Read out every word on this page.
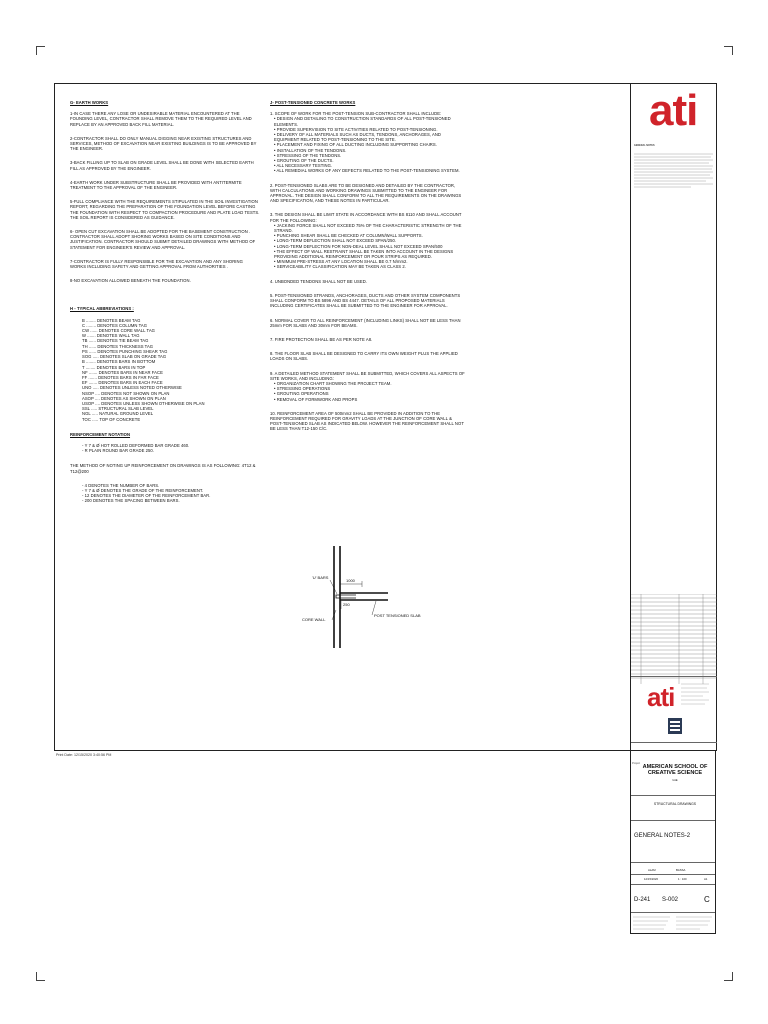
G- EARTH WORKS
1-IN CASE THERE ANY LOSE OR UNDESIRABLE MATERIAL ENCOUNTERED AT THE FOUNDING LEVEL, CONTRACTOR SHALL REMOVE THEM TO THE REQUIRED LEVEL AND REPLACE BY AN APPROVED BACK FILL MATERIAL.
2-CONTRACTOR SHALL DO ONLY MANUAL DIGGING NEAR EXISTING STRUCTURES AND SERVICES, METHOD OF EXCAVATION NEAR EXISTING BUILDINGS IS TO BE APPROVED BY THE ENGINEER.
3-BACK FILLING UP TO SLAB ON GRADE LEVEL SHALL BE DONE WITH SELECTED EARTH FILL AS APPROVED BY THE ENGINEER.
4-EARTH WORK UNDER SUBSTRUCTURE SHALL BE PROVIDED WITH ANTITERMITE TREATMENT TO THE APPROVAL OF THE ENGINEER.
5-FULL COMPLIANCE WITH THE REQUIREMENTS STIPULATED IN THE SOIL INVESTIGATION REPORT, REGARDING THE PREPARATION OF THE FOUNDATION LEVEL BEFORE CASTING THE FOUNDATION WITH RESPECT TO COMPACTION PROCEDURE AND PLATE LOAD TESTS. THE SOIL REPORT IS CONSIDERED AS GUIDANCE.
6- OPEN CUT EXCAVATION SHALL BE ADOPTED FOR THE BASEMENT CONSTRUCTION . CONTRACTOR SHALL ADOPT SHORING WORKS BASED ON SITE CONDITIONS AND JUSTIFICATION. CONTRACTOR SHOULD SUBMIT DETAILED DRAWINGS WITH METHOD OF STATEMENT FOR ENGINEER'S REVIEW AND APPROVAL.
7-CONTRACTOR IS FULLY RESPONSIBLE FOR THE EXCAVATION AND ANY SHORING WORKS INCLUDING SAFETY AND GETTING APPROVAL FROM AUTHORITIES .
8-NO EXCAVATION ALLOWED BENEATH THE FOUNDATION.
H - TYPICAL ABBREVIATIONS :
B ........ DENOTES BEAM TAG
C ........ DENOTES COLUMN TAG
CW ...... DENOTES CORE WALL TAG
W ....... DENOTES WALL TAG
TB ...... DENOTES TIE BEAM TAG
TH ...... DENOTES THICKNESS TAG
PS ...... DENOTES PUNCHING SHEAR TAG
SOG ..... DENOTES SLAB ON GRADE TAG
B ........ DENOTES BARS IN BOTTOM
T ........ DENOTES BARS IN TOP
NF ....... DENOTES BARS IN NEAR FACE
FF ....... DENOTES BARS IN FAR FACE
EF ....... DENOTES BARS IN EACH FACE
UNO ..... DENOTES UNLESS NOTED OTHERWISE
NSOP .... DENOTES NOT SHOWN ON PLAN
ASOP .... DENOTES AS SHOWN ON PLAN
USOP .... DENOTES UNLESS SHOWN OTHERWISE ON PLAN
SSL ..... STRUCTURAL SLAB LEVEL
NGL ..... NATURAL GROUND LEVEL
TOC ..... TOP OF CONCRETE
REINFORCEMENT NOTATION
- Y 7 & Ø HOT ROLLED DEFORMED BAR GRADE 460.
- R PLAIN ROUND BAR GRADE 250.
THE METHOD OF NOTING UP REINFORCEMENT ON DRAWINGS IS AS FOLLOWING: 4T12 & T12@200
- 4 DENOTES THE NUMBER OF BARS.
- Y 7 & Ø DENOTES THE GRADE OF THE REINFORCEMENT.
- 12 DENOTES THE DIAMETER OF THE REINFORCEMENT BAR.
- 200 DENOTES THE SPACING BETWEEN BARS.
J- POST-TENSIONED CONCRETE WORKS
1. SCOPE OF WORK FOR THE POST-TENSION SUB-CONTRACTOR SHALL INCLUDE:
• DESIGN AND DETAILING TO CONSTRUCTION STANDARDS OF ALL POST-TENSIONED ELEMENTS.
• PROVIDE SUPERVISION TO SITE ACTIVITIES RELATED TO POST-TENSIONING.
• DELIVERY OF ALL MATERIALS SUCH AS DUCTS, TENDONS, ANCHORAGES, AND EQUIPMENT RELATED TO POST-TENSIONING TO THE SITE.
• PLACEMENT AND FIXING OF ALL DUCTING INCLUDING SUPPORTING CHAIRS.
• INSTALLATION OF THE TENDONS.
• STRESSING OF THE TENDONS.
• GROUTING OF THE DUCTS.
• ALL NECESSARY TESTING.
• ALL REMEDIAL WORKS OF ANY DEFECTS RELATED TO THE POST-TENSIONING SYSTEM.
2. POST-TENSIONED SLABS ARE TO BE DESIGNED AND DETAILED BY THE CONTRACTOR, WITH CALCULATIONS AND WORKING DRAWINGS SUBMITTED TO THE ENGINEER FOR APPROVAL. THE DESIGN SHALL CONFORM TO ALL THE REQUIREMENTS ON THE DRAWINGS AND SPECIFICATION, AND THESE NOTES IN PARTICULAR.
3. THE DESIGN SHALL BE LIMIT STATE IN ACCORDANCE WITH BS 8110 AND SHALL ACCOUNT FOR THE FOLLOWING:
• JACKING FORCE SHALL NOT EXCEED 75% OF THE CHARACTERISTIC STRENGTH OF THE STRAND.
• PUNCHING SHEAR SHALL BE CHECKED AT COLUMN/WALL SUPPORTS.
• LONG-TERM DEFLECTION SHALL NOT EXCEED SPAN/250.
• LONG-TERM DEFLECTION FOR NON-DEAL LEVEL SHALL NOT EXCEED SPAN/500
• THE EFFECT OF WALL RESTRAINT SHALL BE TAKEN INTO ACCOUNT IN THE DESIGNS PROVIDING ADDITIONAL REINFORCEMENT OR POUR STRIPS AS REQUIRED.
• MINIMUM PRE-STRESS AT ANY LOCATION SHALL BE 0.7 N/mm2.
• SERVICEABILITY CLASSIFICATION MAY BE TAKEN AS CLASS 2.
4. UNBONDED TENDONS SHALL NOT BE USED.
5. POST-TENSIONED STRANDS, ANCHORAGES, DUCTS AND OTHER SYSTEM COMPONENTS SHALL CONFORM TO BS 5896 AND BS 4447. DETAILS OF ALL PROPOSED MATERIALS INCLUDING CERTIFICATES SHALL BE SUBMITTED TO THE ENGINEER FOR APPROVAL.
6. NORMAL COVER TO ALL REINFORCEMENT (INCLUDING LINKS) SHALL NOT BE LESS THAN 25mm FOR SLABS AND 30mm FOR BEAMS.
7. FIRE PROTECTION SHALL BE AS PER NOTE A8.
8. THE FLOOR SLAB SHALL BE DESIGNED TO CARRY ITS OWN WEIGHT PLUS THE APPLIED LOADS ON SLABS.
9. A DETAILED METHOD STATEMENT SHALL BE SUBMITTED, WHICH COVERS ALL ASPECTS OF SITE WORKS, AND INCLUDING:
• ORGANIZATION CHART SHOWING THE PROJECT TEAM.
• STRESSING OPERATIONS
• GROUTING OPERATIONS
• REMOVAL OF FORMWORK AND PROPS
10. REINFORCEMENT AREA OF 500mm2 SHALL BE PROVIDED IN ADDITION TO THE REINFORCEMENT REQUIRED FOR GRAVITY LOADS AT THE JUNCTION OF CORE WALL & POST-TENSIONED SLAB AS INDICATED BELOW. HOWEVER THE REINFORCEMENT SHALL NOT BE LESS THAN T12-150 C/C.
'U' BARS
1000
250
CORE WALL
POST TENSIONED SLAB
Print Date: 12/15/2020 3:40:56 PM
ati
GENERAL NOTES
ati
Project
AMERICAN SCHOOL OF CREATIVE SCIENCE
UAE
STRUCTURAL DRAWINGS
GENERAL NOTES-2
ALAM	BASSA
12/15/2020	1 : 100	A1
D-241 S-002	C
